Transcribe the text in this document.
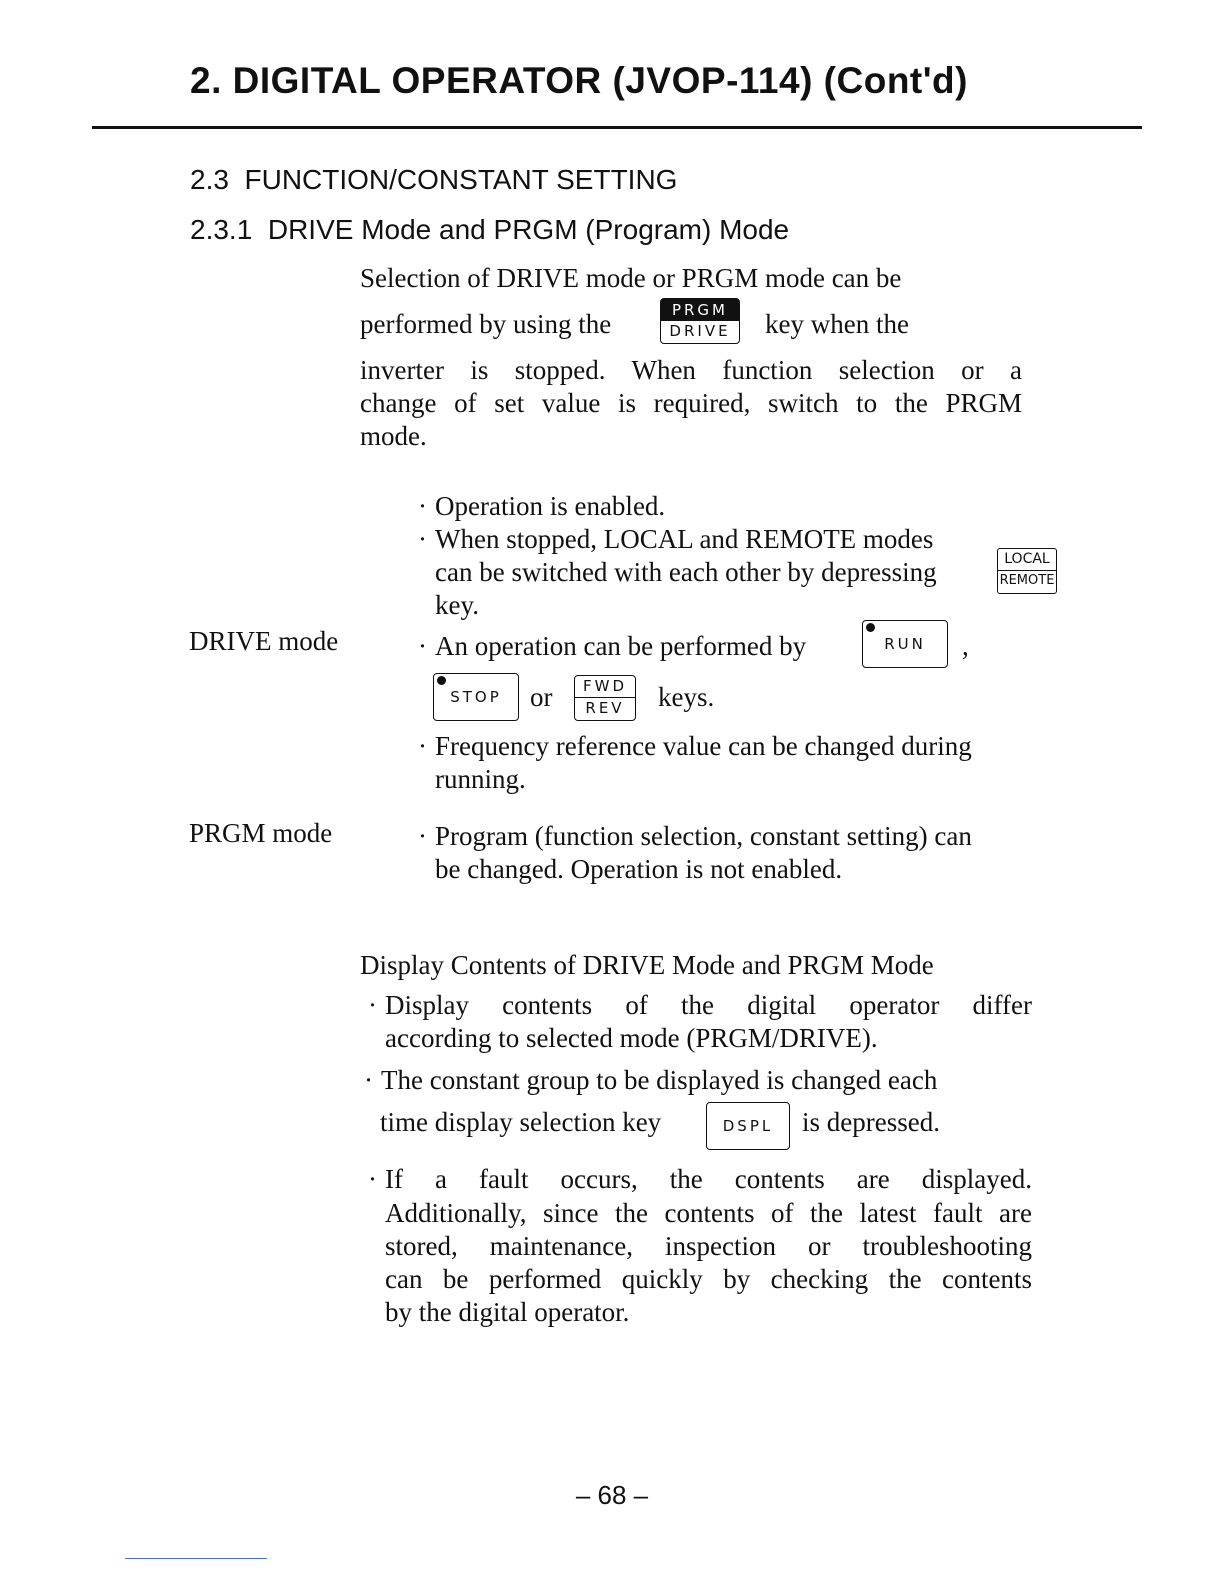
2. DIGITAL OPERATOR (JVOP-114) (Cont'd)
2.3 FUNCTION/CONSTANT SETTING
2.3.1 DRIVE Mode and PRGM (Program) Mode
Selection of DRIVE mode or PRGM mode can be
performed by using the	PRGM
DRIVE	key when the
inverter is stopped. When function selection or a
change of set value is required, switch to the PRGM
mode.
DRIVE mode
· Operation is enabled.
· When stopped, LOCAL and REMOTE modes
can be switched with each other by depressing	LOCAL
REMOTE
key.
· An operation can be performed by	RUN	,
STOP	or	FWD
REV	keys.
· Frequency reference value can be changed during
running.
PRGM mode	· Program (function selection, constant setting) can
be changed. Operation is not enabled.
Display Contents of DRIVE Mode and PRGM Mode
· Display contents of the digital operator differ
according to selected mode (PRGM/DRIVE).
· The constant group to be displayed is changed each
time display selection key	DSPL	is depressed.
· If a fault occurs, the contents are displayed.
Additionally, since the contents of the latest fault are
stored, maintenance, inspection or troubleshooting
can be performed quickly by checking the contents
by the digital operator.
– 68 –
